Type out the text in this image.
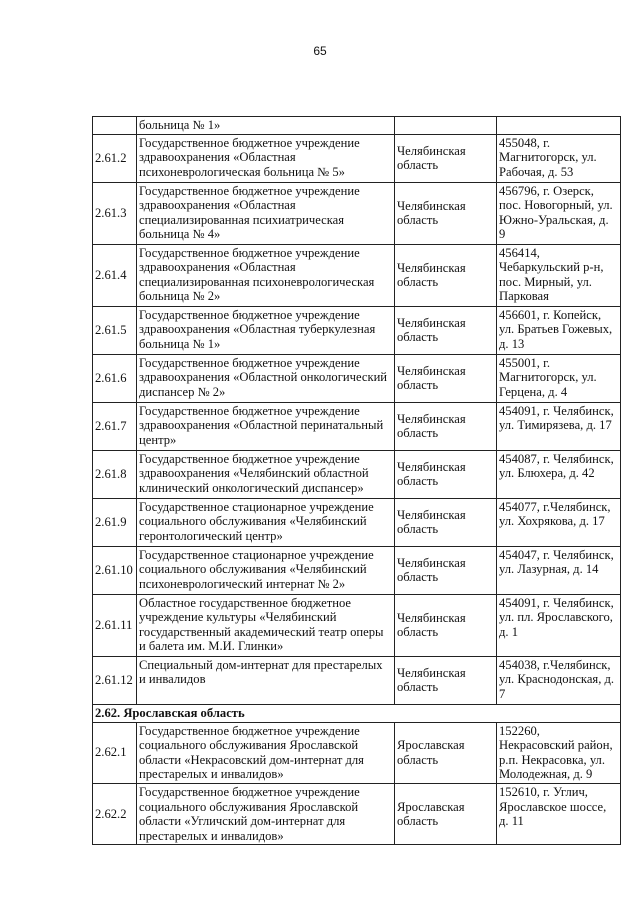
65
	больница № 1»		
2.61.2	Государственное бюджетное учреждение здравоохранения «Областная психоневрологическая больница № 5»	Челябинская область	455048, г. Магнитогорск, ул. Рабочая, д. 53
2.61.3	Государственное бюджетное учреждение здравоохранения «Областная специализированная психиатрическая больница № 4»	Челябинская область	456796, г. Озерск, пос. Новогорный, ул. Южно-Уральская, д. 9
2.61.4	Государственное бюджетное учреждение здравоохранения «Областная специализированная психоневрологическая больница № 2»	Челябинская область	456414, Чебаркульский р-н, пос. Мирный, ул. Парковая
2.61.5	Государственное бюджетное учреждение здравоохранения «Областная туберкулезная больница № 1»	Челябинская область	456601, г. Копейск, ул. Братьев Гожевых, д. 13
2.61.6	Государственное бюджетное учреждение здравоохранения «Областной онкологический диспансер № 2»	Челябинская область	455001, г. Магнитогорск, ул. Герцена, д. 4
2.61.7	Государственное бюджетное учреждение здравоохранения «Областной перинатальный центр»	Челябинская область	454091, г. Челябинск, ул. Тимирязева, д. 17
2.61.8	Государственное бюджетное учреждение здравоохранения «Челябинский областной клинический онкологический диспансер»	Челябинская область	454087, г. Челябинск, ул. Блюхера, д. 42
2.61.9	Государственное стационарное учреждение социального обслуживания «Челябинский геронтологический центр»	Челябинская область	454077, г.Челябинск, ул. Хохрякова, д. 17
2.61.10	Государственное стационарное учреждение социального обслуживания «Челябинский психоневрологический интернат № 2»	Челябинская область	454047, г. Челябинск, ул. Лазурная, д. 14
2.61.11	Областное государственное бюджетное учреждение культуры «Челябинский государственный академический театр оперы и балета им. М.И. Глинки»	Челябинская область	454091, г. Челябинск, ул. пл. Ярославского, д. 1
2.61.12	Специальный дом-интернат для престарелых и инвалидов	Челябинская область	454038, г.Челябинск, ул. Краснодонская, д. 7
2.62. Ярославская область			
2.62.1	Государственное бюджетное учреждение социального обслуживания Ярославской области «Некрасовский дом-интернат для престарелых и инвалидов»	Ярославская область	152260, Некрасовский район, р.п. Некрасовка, ул. Молодежная, д. 9
2.62.2	Государственное бюджетное учреждение социального обслуживания Ярославской области «Угличский дом-интернат для престарелых и инвалидов»	Ярославская область	152610, г. Углич, Ярославское шоссе, д. 11
